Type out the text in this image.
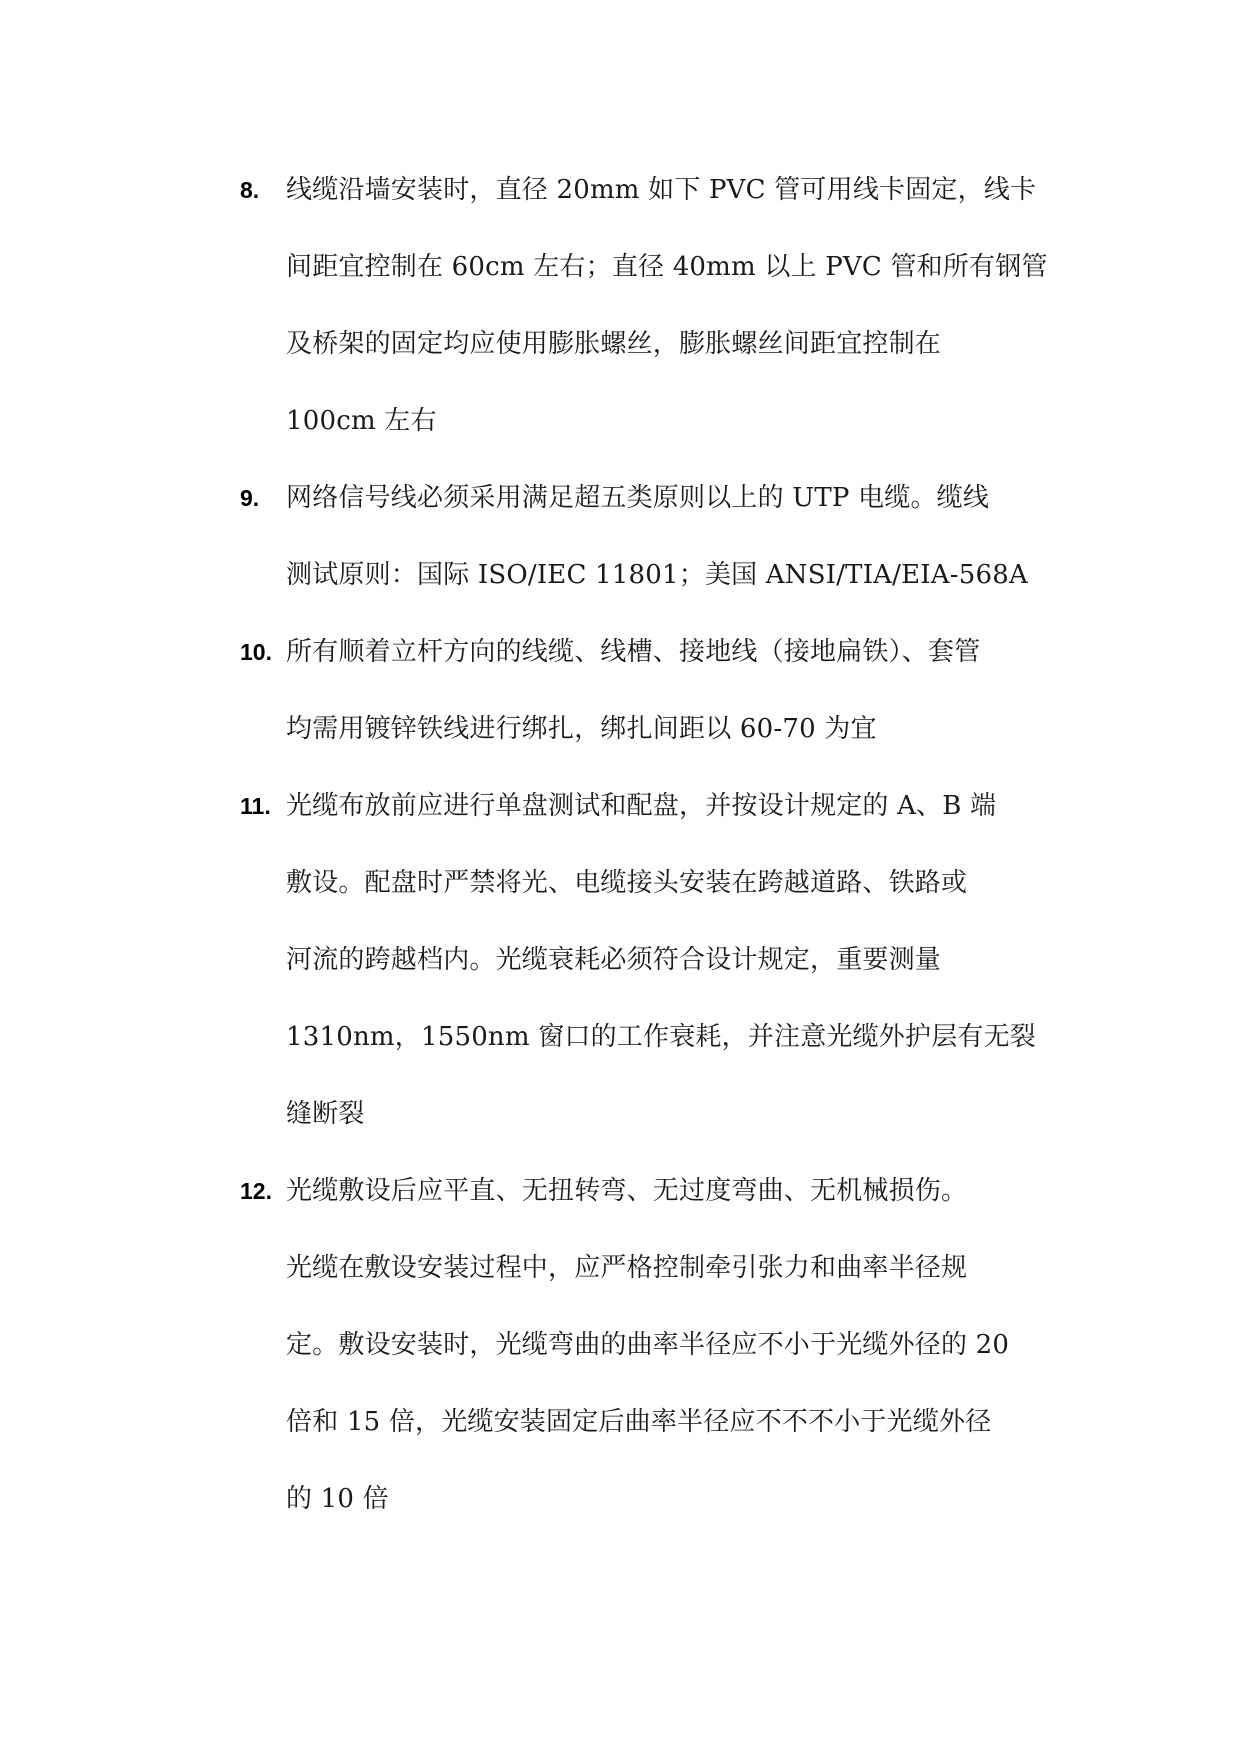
8. 线缆沿墙安装时，直径 20mm 如下 PVC 管可用线卡固定，线卡
间距宜控制在 60cm 左右；直径 40mm 以上 PVC 管和所有钢管
及桥架的固定均应使用膨胀螺丝，膨胀螺丝间距宜控制在
100cm 左右
9. 网络信号线必须采用满足超五类原则以上的 UTP 电缆。缆线
测试原则：国际 ISO/IEC 11801；美国 ANSI/TIA/EIA-568A
10. 所有顺着立杆方向的线缆、线槽、接地线（接地扁铁）、套管
均需用镀锌铁线进行绑扎，绑扎间距以 60-70 为宜
11. 光缆布放前应进行单盘测试和配盘，并按设计规定的 A、B 端
敷设。配盘时严禁将光、电缆接头安装在跨越道路、铁路或
河流的跨越档内。光缆衰耗必须符合设计规定，重要测量
1310nm，1550nm 窗口的工作衰耗，并注意光缆外护层有无裂
缝断裂
12. 光缆敷设后应平直、无扭转弯、无过度弯曲、无机械损伤。
光缆在敷设安装过程中，应严格控制牵引张力和曲率半径规
定。敷设安装时，光缆弯曲的曲率半径应不小于光缆外径的 20
倍和 15 倍，光缆安装固定后曲率半径应不不不小于光缆外径
的 10 倍
